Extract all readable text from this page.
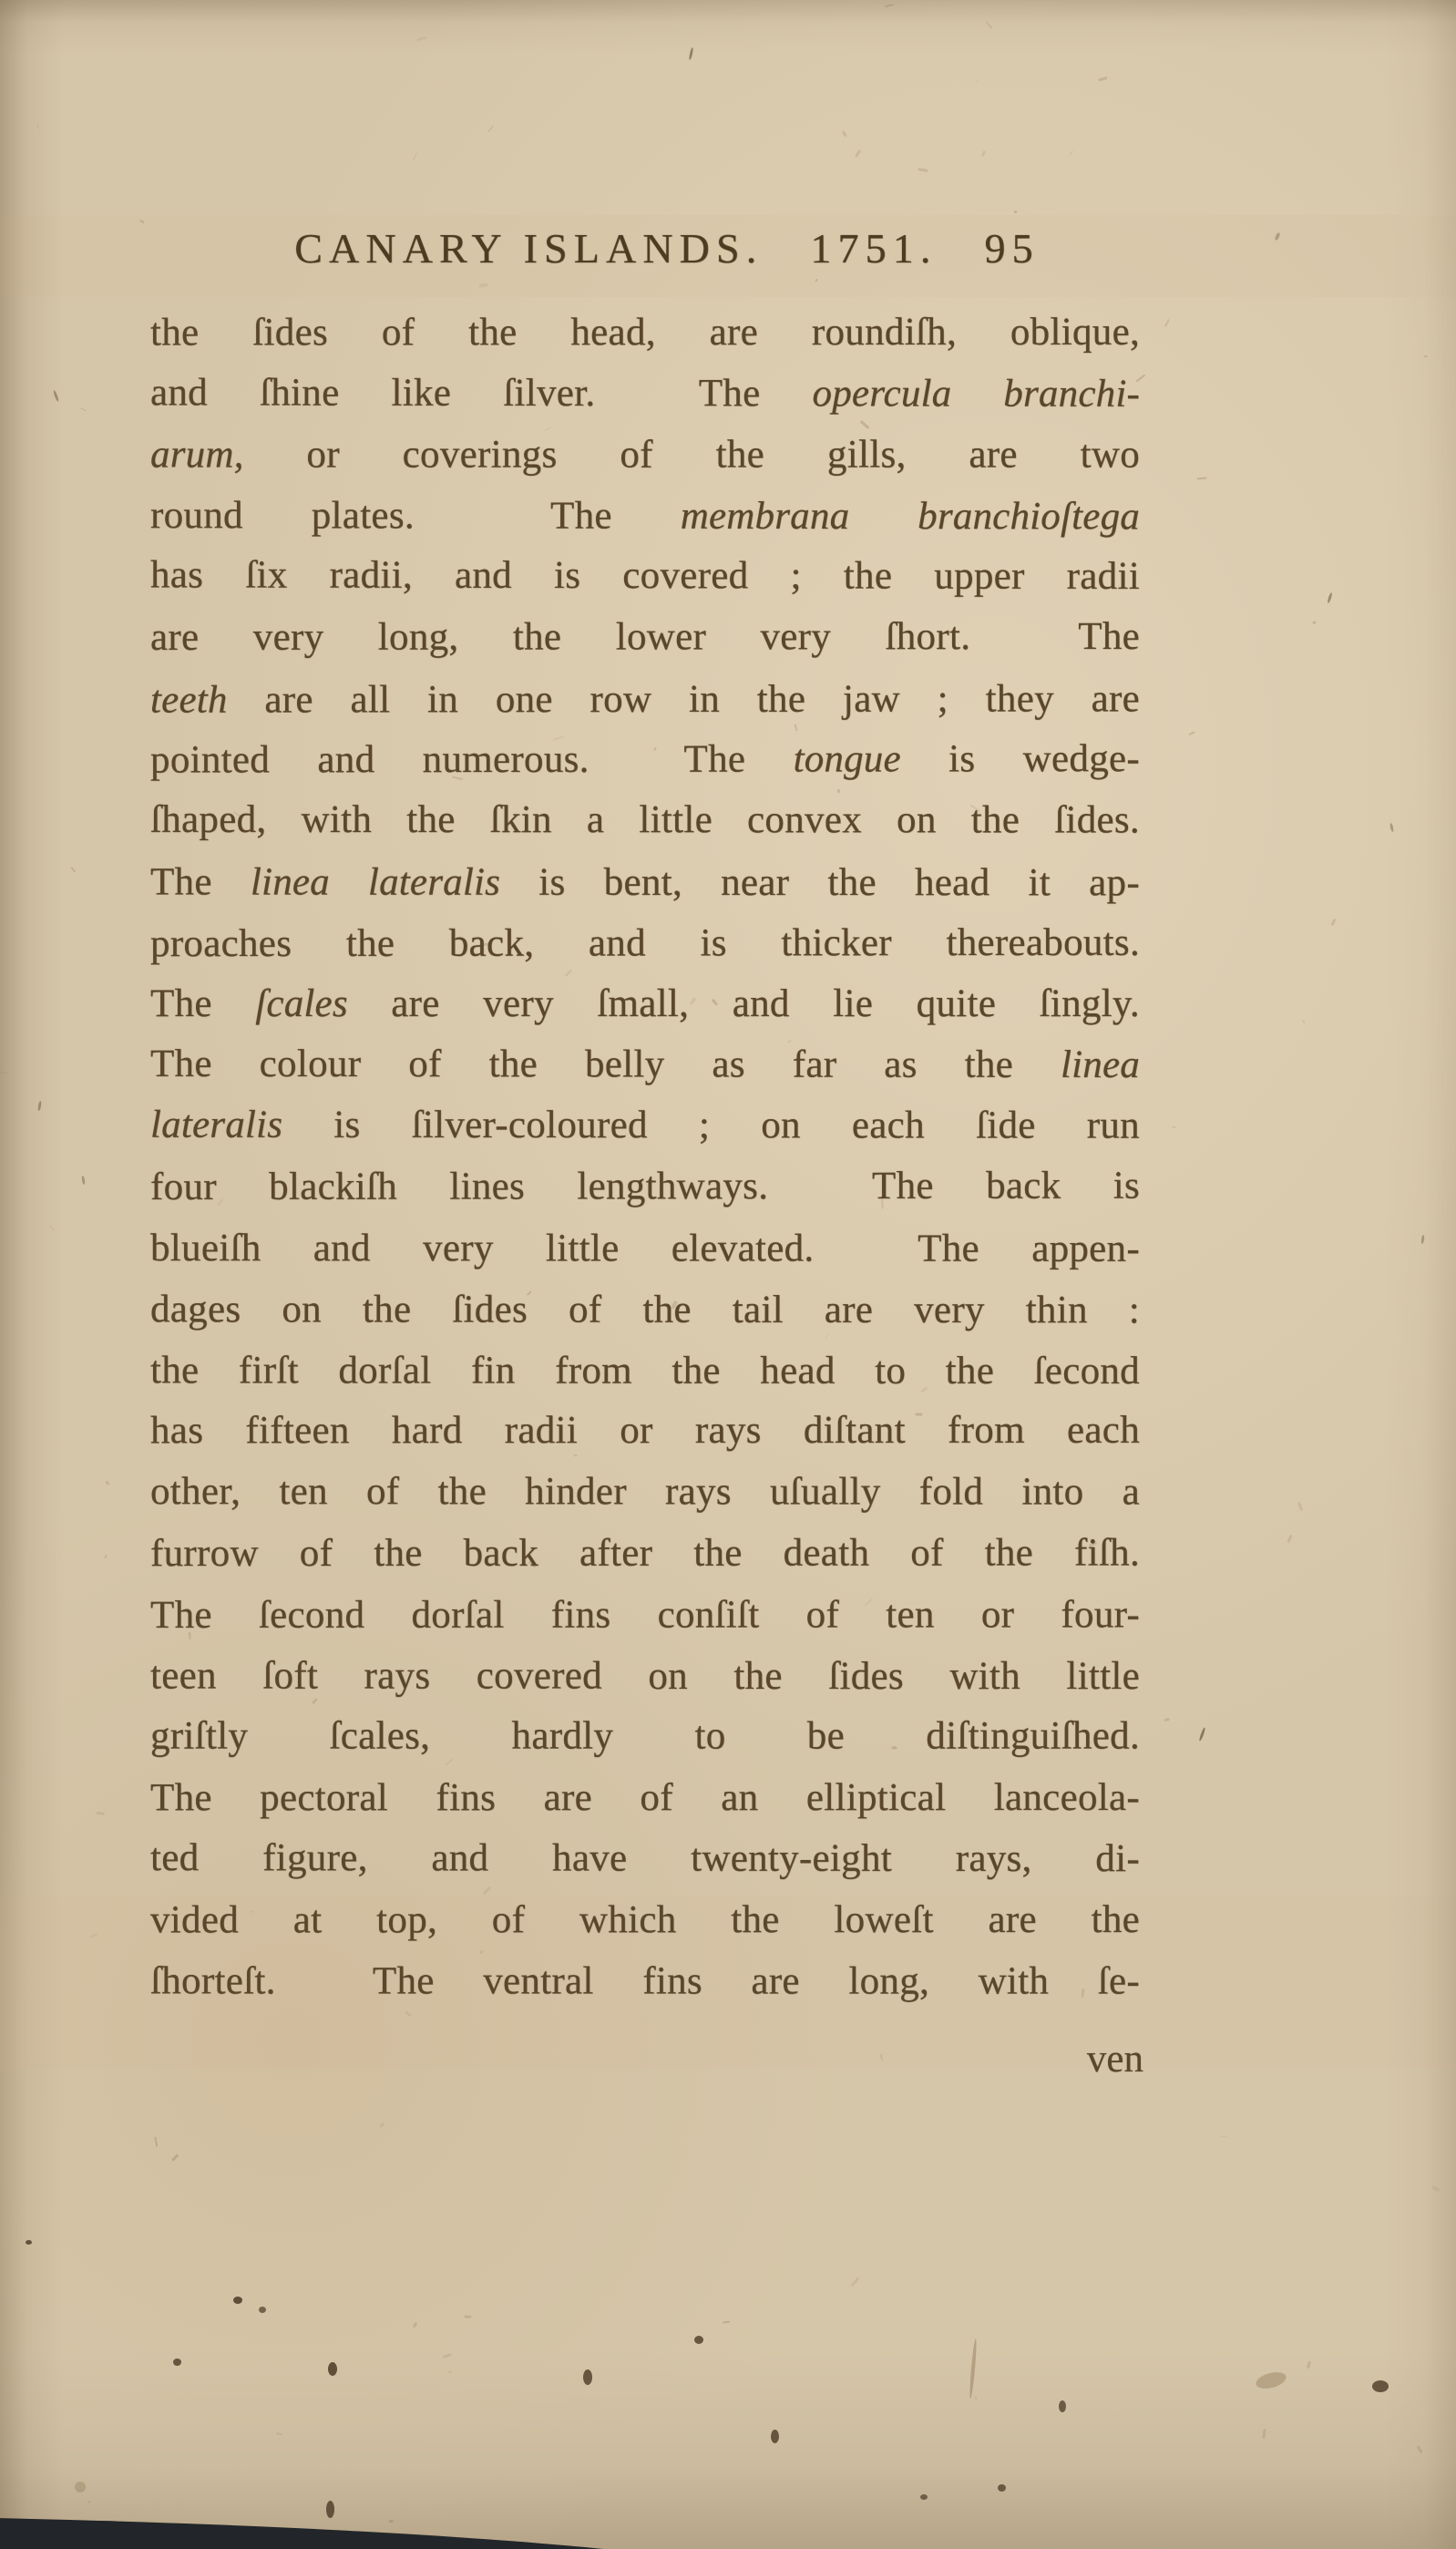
CANARY ISLANDS. 1751. 95
the ſides of the head, are roundiſh, oblique,
and ſhine like ſilver.  The opercula branchi-
arum, or coverings of the gills, are two
round plates.  The membrana branchioſtega
has ſix radii, and is covered ; the upper radii
are very long, the lower very ſhort.  The
teeth are all in one row in the jaw ; they are
pointed and numerous.  The tongue is wedge-
ſhaped, with the ſkin a little convex on the ſides.
The linea lateralis is bent, near the head it ap-
proaches the back, and is thicker thereabouts.
The ſcales are very ſmall, and lie quite ſingly.
The colour of the belly as far as the linea
lateralis is ſilver-coloured ; on each ſide run
four blackiſh lines lengthways.  The back is
blueiſh and very little elevated.  The appen-
dages on the ſides of the tail are very thin :
the firſt dorſal fin from the head to the ſecond
has fifteen hard radii or rays diſtant from each
other, ten of the hinder rays uſually fold into a
furrow of the back after the death of the fiſh.
The ſecond dorſal fins conſiſt of ten or four-
teen ſoft rays covered on the ſides with little
griſtly ſcales, hardly to be diſtinguiſhed.
The pectoral fins are of an elliptical lanceola-
ted figure, and have twenty-eight rays, di-
vided at top, of which the loweſt are the
ſhorteſt.  The ventral fins are long, with ſe-
ven
